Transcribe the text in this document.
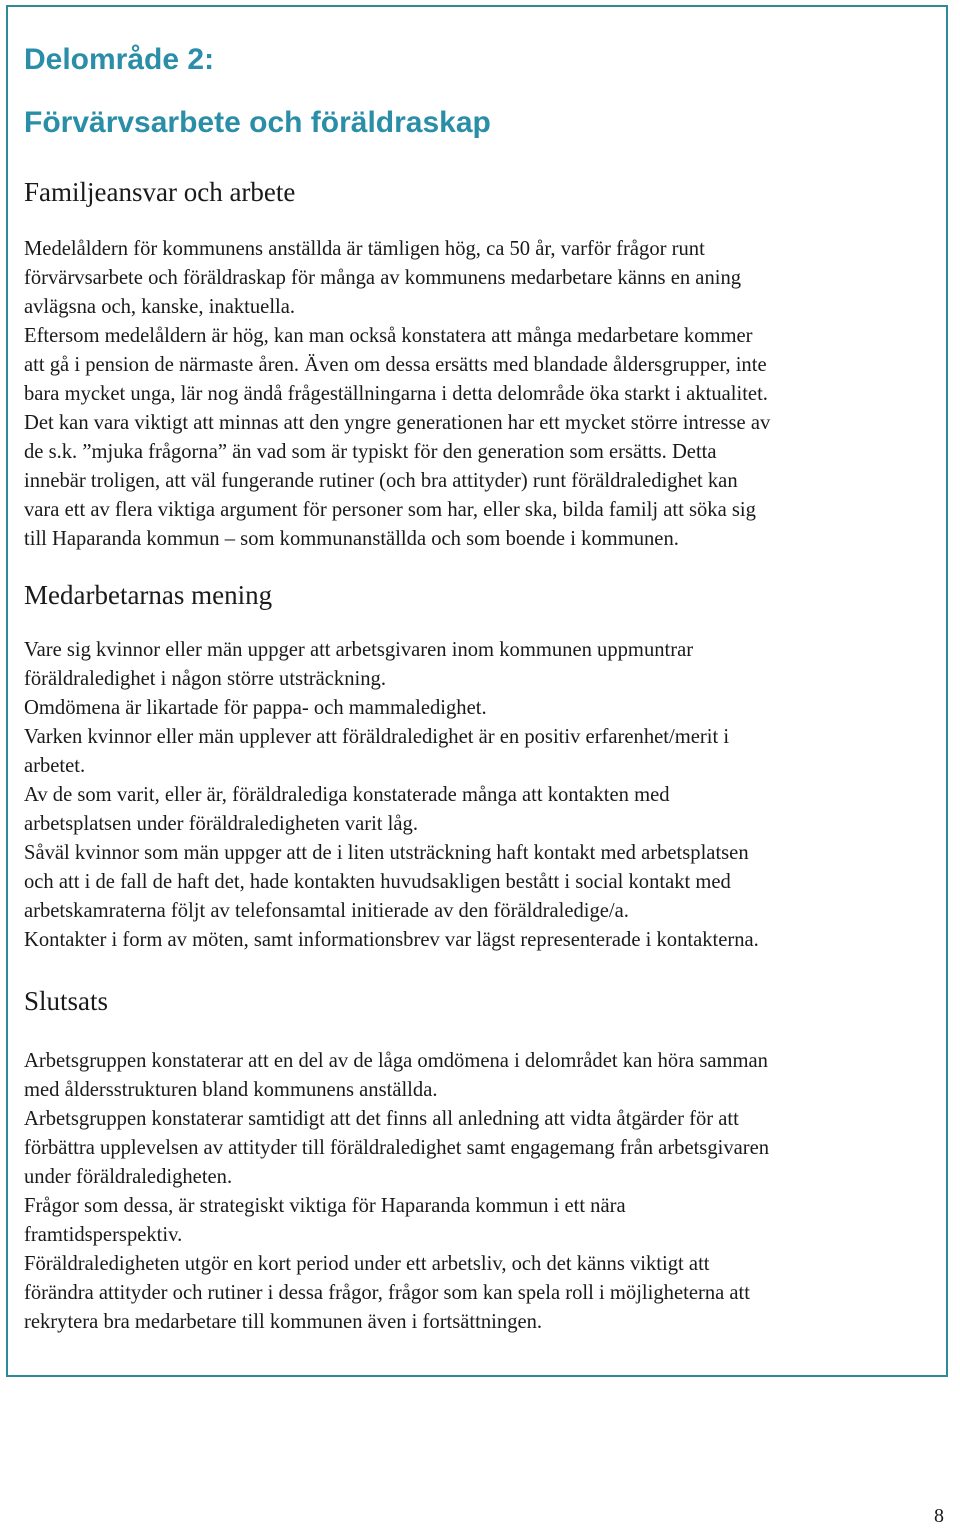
Delområde 2:
Förvärvsarbete och föräldraskap
Familjeansvar och arbete
Medelåldern för kommunens anställda är tämligen hög, ca 50 år, varför frågor runt
förvärvsarbete och föräldraskap för många av kommunens medarbetare känns en aning
avlägsna och, kanske, inaktuella.
Eftersom medelåldern är hög, kan man också konstatera att många medarbetare kommer
att gå i pension de närmaste åren. Även om dessa ersätts med blandade åldersgrupper, inte
bara mycket unga, lär nog ändå frågeställningarna i detta delområde öka starkt i aktualitet.
Det kan vara viktigt att minnas att den yngre generationen har ett mycket större intresse av
de s.k. ”mjuka frågorna” än vad som är typiskt för den generation som ersätts. Detta
innebär troligen, att väl fungerande rutiner (och bra attityder) runt föräldraledighet kan
vara ett av flera viktiga argument för personer som har, eller ska, bilda familj att söka sig
till Haparanda kommun – som kommunanställda och som boende i kommunen.
Medarbetarnas mening
Vare sig kvinnor eller män uppger att arbetsgivaren inom kommunen uppmuntrar
föräldraledighet i någon större utsträckning.
Omdömena är likartade för pappa- och mammaledighet.
Varken kvinnor eller män upplever att föräldraledighet är en positiv erfarenhet/merit i
arbetet.
Av de som varit, eller är, föräldralediga konstaterade många att kontakten med
arbetsplatsen under föräldraledigheten varit låg.
Såväl kvinnor som män uppger att de i liten utsträckning haft kontakt med arbetsplatsen
och att i de fall de haft det, hade kontakten huvudsakligen bestått i social kontakt med
arbetskamraterna följt av telefonsamtal initierade av den föräldraledige/a.
Kontakter i form av möten, samt informationsbrev var lägst representerade i kontakterna.
Slutsats
Arbetsgruppen konstaterar att en del av de låga omdömena i delområdet kan höra samman
med åldersstrukturen bland kommunens anställda.
Arbetsgruppen konstaterar samtidigt att det finns all anledning att vidta åtgärder för att
förbättra upplevelsen av attityder till föräldraledighet samt engagemang från arbetsgivaren
under föräldraledigheten.
Frågor som dessa, är strategiskt viktiga för Haparanda kommun i ett nära
framtidsperspektiv.
Föräldraledigheten utgör en kort period under ett arbetsliv, och det känns viktigt att
förändra attityder och rutiner i dessa frågor, frågor som kan spela roll i möjligheterna att
rekrytera bra medarbetare till kommunen även i fortsättningen.
8
